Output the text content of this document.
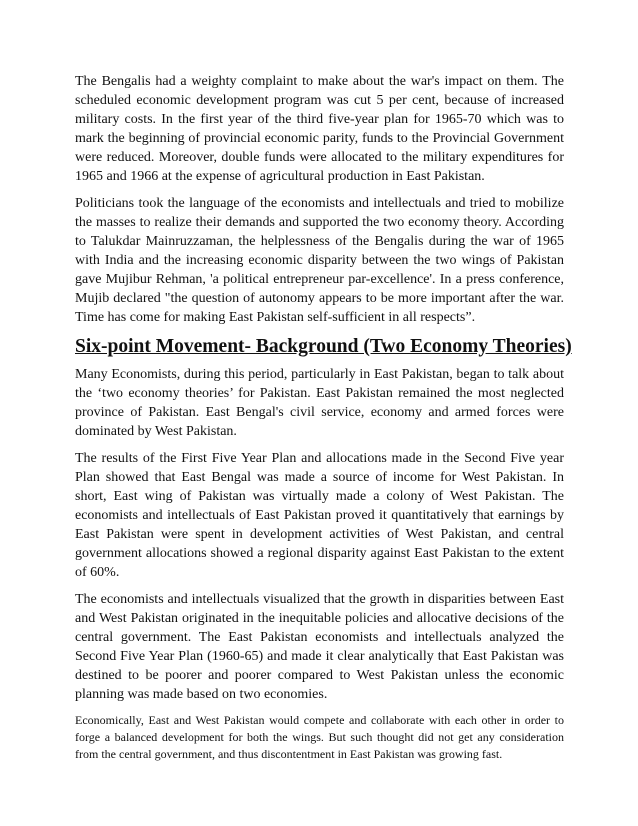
The Bengalis had a weighty complaint to make about the war's impact on them. The scheduled economic development program was cut 5 per cent, because of increased military costs. In the first year of the third five-year plan for 1965-70 which was to mark the beginning of provincial economic parity, funds to the Provincial Government were reduced. Moreover, double funds were allocated to the military expenditures for 1965 and 1966 at the expense of agricultural production in East Pakistan.

Politicians took the language of the economists and intellectuals and tried to mobilize the masses to realize their demands and supported the two economy theory. According to Talukdar Mainruzzaman, the helplessness of the Bengalis during the war of 1965 with India and the increasing economic disparity between the two wings of Pakistan gave Mujibur Rehman, 'a political entrepreneur par-excellence'. In a press conference, Mujib declared "the question of autonomy appears to be more important after the war. Time has come for making East Pakistan self-sufficient in all respects”.

Six-point Movement- Background (Two Economy Theories)

Many Economists, during this period, particularly in East Pakistan, began to talk about the ‘two economy theories’ for Pakistan. East Pakistan remained the most neglected province of Pakistan. East Bengal's civil service, economy and armed forces were dominated by West Pakistan.

The results of the First Five Year Plan and allocations made in the Second Five year Plan showed that East Bengal was made a source of income for West Pakistan. In short, East wing of Pakistan was virtually made a colony of West Pakistan. The economists and intellectuals of East Pakistan proved it quantitatively that earnings by East Pakistan were spent in development activities of West Pakistan, and central government allocations showed a regional disparity against East Pakistan to the extent of 60%.

The economists and intellectuals visualized that the growth in disparities between East and West Pakistan originated in the inequitable policies and allocative decisions of the central government. The East Pakistan economists and intellectuals analyzed the Second Five Year Plan (1960-65) and made it clear analytically that East Pakistan was destined to be poorer and poorer compared to West Pakistan unless the economic planning was made based on two economies.

Economically, East and West Pakistan would compete and collaborate with each other in order to forge a balanced development for both the wings. But such thought did not get any consideration from the central government, and thus discontentment in East Pakistan was growing fast.
